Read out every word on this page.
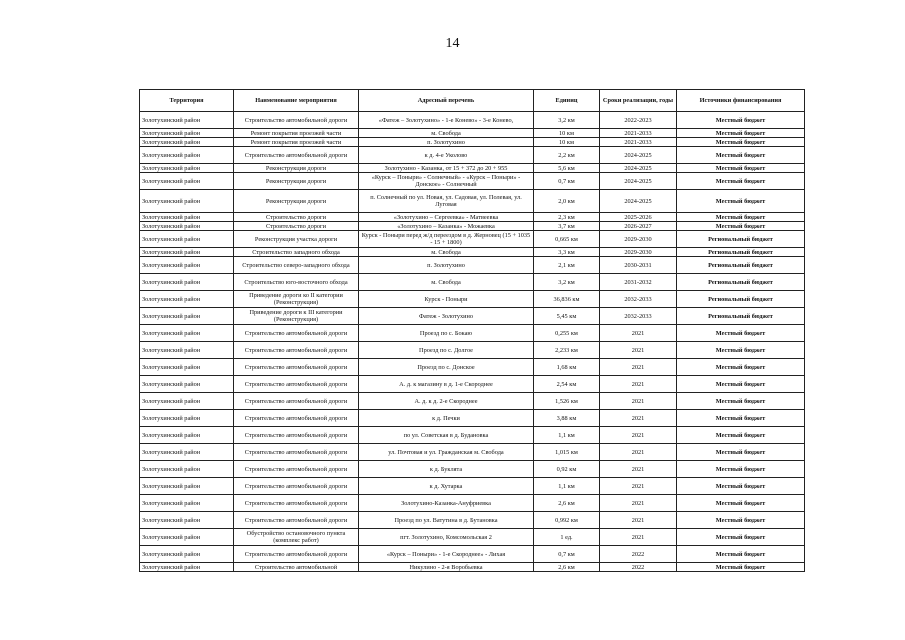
14
Территория	Наименование мероприятия	Адресный перечень	Единиц	Сроки реализации, годы	Источники финансирования
Золотухинский район	Строительство автомобильной дороги	«Фатеж – Золотухино» - 1-е Конево» - 3-е Конево,	3,2 км	2022-2023	Местный бюджет
Золотухинский район	Ремонт покрытия проезжей части	м. Свобода	10 км	2021-2033	Местный бюджет
Золотухинский район	Ремонт покрытия проезжей части	п. Золотухино	10 км	2021-2033	Местный бюджет
Золотухинский район	Строительство автомобильной дороги	к д. 4-е Уколово	2,2 км	2024-2025	Местный бюджет
Золотухинский район	Реконструкция дороги	Золотухино - Казанка, от 15 + 372 до 20 + 955	5,6 км	2024-2025	Местный бюджет
Золотухинский район	Реконструкция дороги	«Курск – Поныри» - Солнечный» - «Курск – Поныри» - Донское» - Солнечный	0,7 км	2024-2025	Местный бюджет
Золотухинский район	Реконструкция дороги	п. Солнечный по ул. Новая, ул. Садовая, ул. Полевая, ул. Луговая	2,0 км	2024-2025	Местный бюджет
Золотухинский район	Строительство дороги	«Золотухино – Сергеевка» - Матвеевка	2,3 км	2025-2026	Местный бюджет
Золотухинский район	Строительство дороги	«Золотухино – Казанка» - Можаевка	3,7 км	2026-2027	Местный бюджет
Золотухинский район	Реконструкция участка дороги	Курск - Поныри перед ж/д переездом в д. Жерновец (15 + 1035 - 15 + 1800)	0,665 км	2029-2030	Региональный бюджет
Золотухинский район	Строительство западного обхода	м. Свобода	3,3 км	2029-2030	Региональный бюджет
Золотухинский район	Строительство северо-западного обхода	п. Золотухино	2,1 км	2030-2031	Региональный бюджет
Золотухинский район	Строительство юго-восточного обхода	м. Свобода	3,2 км	2031-2032	Региональный бюджет
Золотухинский район	Приведение дороги ко II категории (Реконструкция)	Курск - Поныри	36,836 км	2032-2033	Региональный бюджет
Золотухинский район	Приведение дороги к III категории (Реконструкция)	Фатеж - Золотухино	5,45 км	2032-2033	Региональный бюджет
Золотухинский район	Строительство автомобильной дороги	Проезд по с. Бокаю	0,255 км	2021	Местный бюджет
Золотухинский район	Строительство автомобильной дороги	Проезд по с. Долгое	2,233 км	2021	Местный бюджет
Золотухинский район	Строительство автомобильной дороги	Проезд по с. Донское	1,68 км	2021	Местный бюджет
Золотухинский район	Строительство автомобильной дороги	А. д. к магазину в д. 1-е Скороднее	2,54 км	2021	Местный бюджет
Золотухинский район	Строительство автомобильной дороги	А. д. к д. 2-е Скороднее	1,526 км	2021	Местный бюджет
Золотухинский район	Строительство автомобильной дороги	к д. Печки	3,88 км	2021	Местный бюджет
Золотухинский район	Строительство автомобильной дороги	по ул. Советская в д. Будановка	1,1 км	2021	Местный бюджет
Золотухинский район	Строительство автомобильной дороги	ул. Почтовая и ул. Гражданская м. Свобода	1,015 км	2021	Местный бюджет
Золотухинский район	Строительство автомобильной дороги	к д. Буклята	0,92 км	2021	Местный бюджет
Золотухинский район	Строительство автомобильной дороги	к д. Хутарка	1,1 км	2021	Местный бюджет
Золотухинский район	Строительство автомобильной дороги	Золотухино-Казанка-Ануфриевка	2,6 км	2021	Местный бюджет
Золотухинский район	Строительство автомобильной дороги	Проезд по ул. Ватутина в д. Бутановка	0,992 км	2021	Местный бюджет
Золотухинский район	Обустройство остановочного пункта (комплекс работ)	пгт. Золотухино, Комсомольская 2	1 ед.	2021	Местный бюджет
Золотухинский район	Строительство автомобильной дороги	«Курск – Поныри» - 1-е Скороднее» - Лихая	0,7 км	2022	Местный бюджет
Золотухинский район	Строительство автомобильной	Никулино - 2-я Воробьевка	2,6 км	2022	Местный бюджет
